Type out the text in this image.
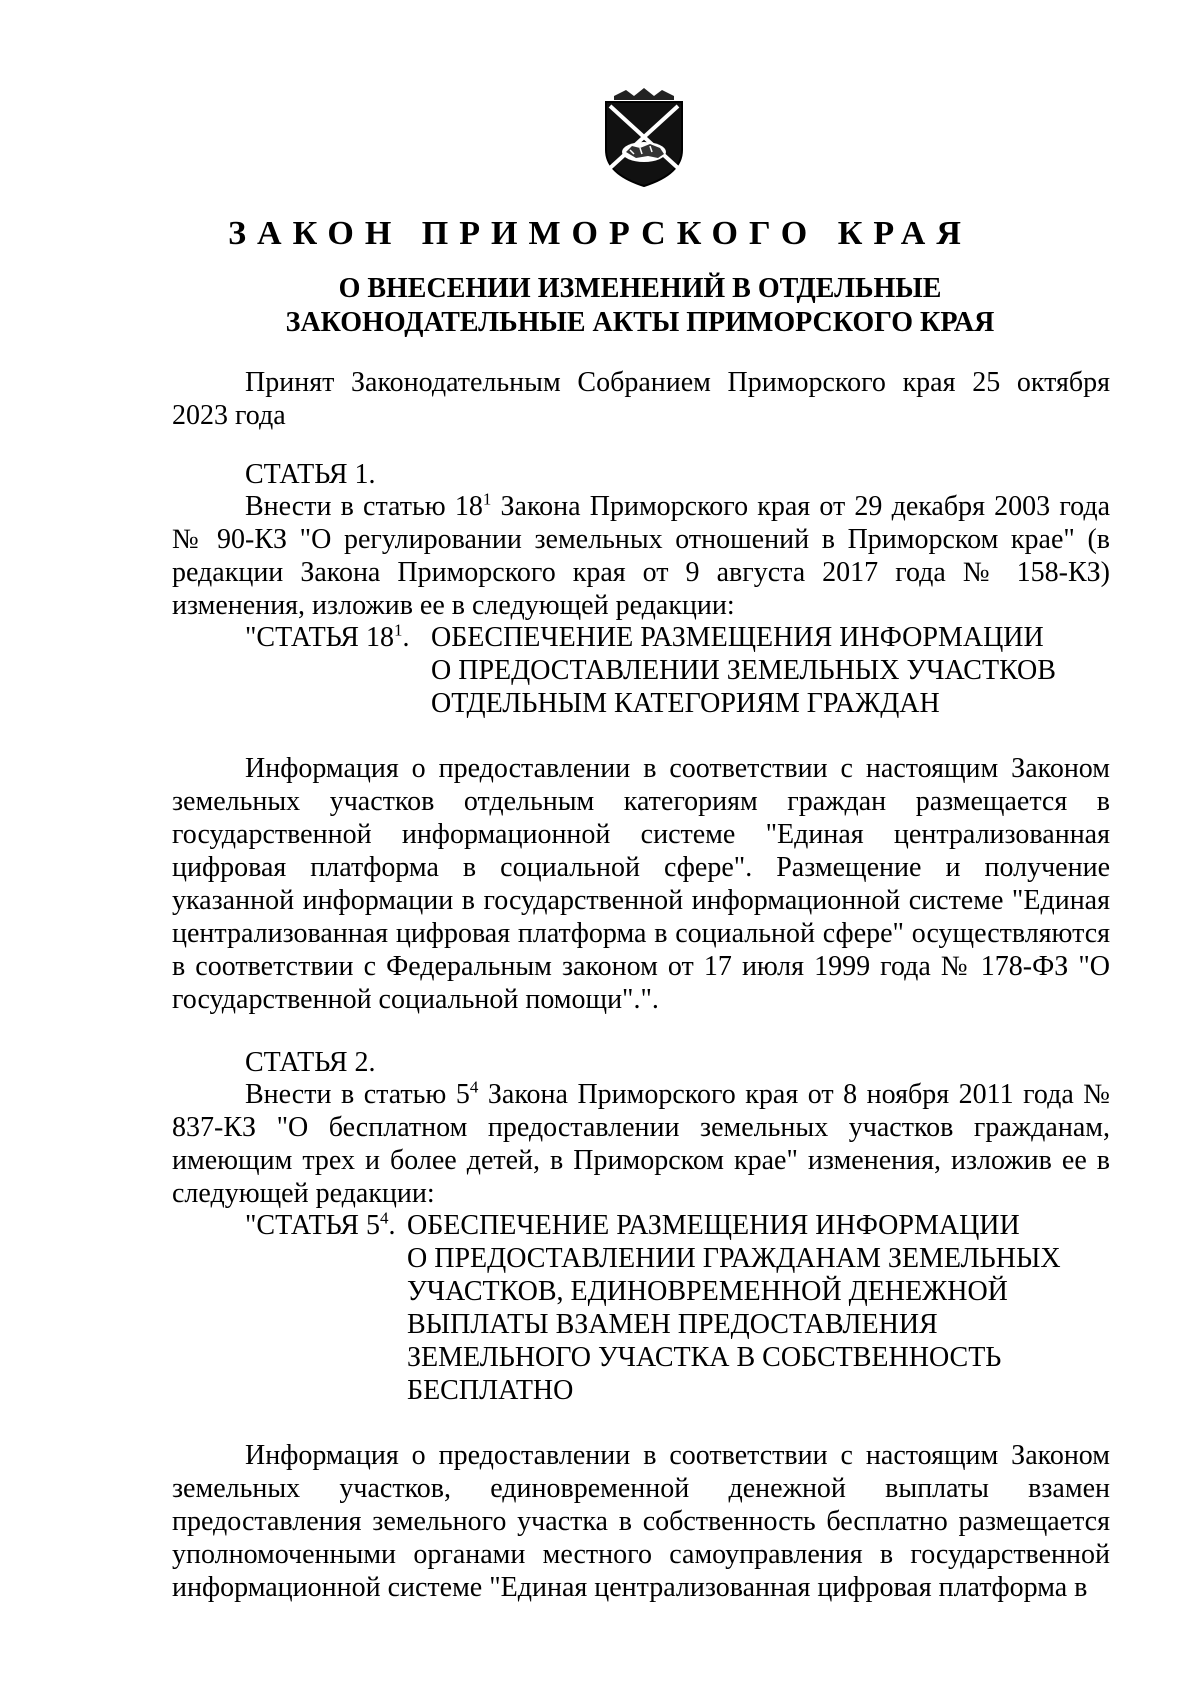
ЗАКОН ПРИМОРСКОГО КРАЯ
О ВНЕСЕНИИ ИЗМЕНЕНИЙ В ОТДЕЛЬНЫЕ
ЗАКОНОДАТЕЛЬНЫЕ АКТЫ ПРИМОРСКОГО КРАЯ

Принят Законодательным Собранием Приморского края 25 октября 2023 года

СТАТЬЯ 1.

Внести в статью $18^1$ Закона Приморского края от 29 декабря 2003 года № 90-КЗ "О регулировании земельных отношений в Приморском крае" (в редакции Закона Приморского края от 9 августа 2017 года № 158-КЗ) изменения, изложив ее в следующей редакции:

"СТАТЬЯ $18^1$. ОБЕСПЕЧЕНИЕ РАЗМЕЩЕНИЯ ИНФОРМАЦИИ
О ПРЕДОСТАВЛЕНИИ ЗЕМЕЛЬНЫХ УЧАСТКОВ
ОТДЕЛЬНЫМ КАТЕГОРИЯМ ГРАЖДАН

Информация о предоставлении в соответствии с настоящим Законом земельных участков отдельным категориям граждан размещается в государственной информационной системе "Единая централизованная цифровая платформа в социальной сфере". Размещение и получение указанной информации в государственной информационной системе "Единая централизованная цифровая платформа в социальной сфере" осуществляются в соответствии с Федеральным законом от 17 июля 1999 года № 178-ФЗ "О государственной социальной помощи".".

СТАТЬЯ 2.

Внести в статью $5^4$ Закона Приморского края от 8 ноября 2011 года № 837-КЗ "О бесплатном предоставлении земельных участков гражданам, имеющим трех и более детей, в Приморском крае" изменения, изложив ее в следующей редакции:

"СТАТЬЯ $5^4$. ОБЕСПЕЧЕНИЕ РАЗМЕЩЕНИЯ ИНФОРМАЦИИ
О ПРЕДОСТАВЛЕНИИ ГРАЖДАНАМ ЗЕМЕЛЬНЫХ
УЧАСТКОВ, ЕДИНОВРЕМЕННОЙ ДЕНЕЖНОЙ
ВЫПЛАТЫ ВЗАМЕН ПРЕДОСТАВЛЕНИЯ
ЗЕМЕЛЬНОГО УЧАСТКА В СОБСТВЕННОСТЬ
БЕСПЛАТНО

Информация о предоставлении в соответствии с настоящим Законом земельных участков, единовременной денежной выплаты взамен предоставления земельного участка в собственность бесплатно размещается уполномоченными органами местного самоуправления в государственной информационной системе "Единая централизованная цифровая платформа в
